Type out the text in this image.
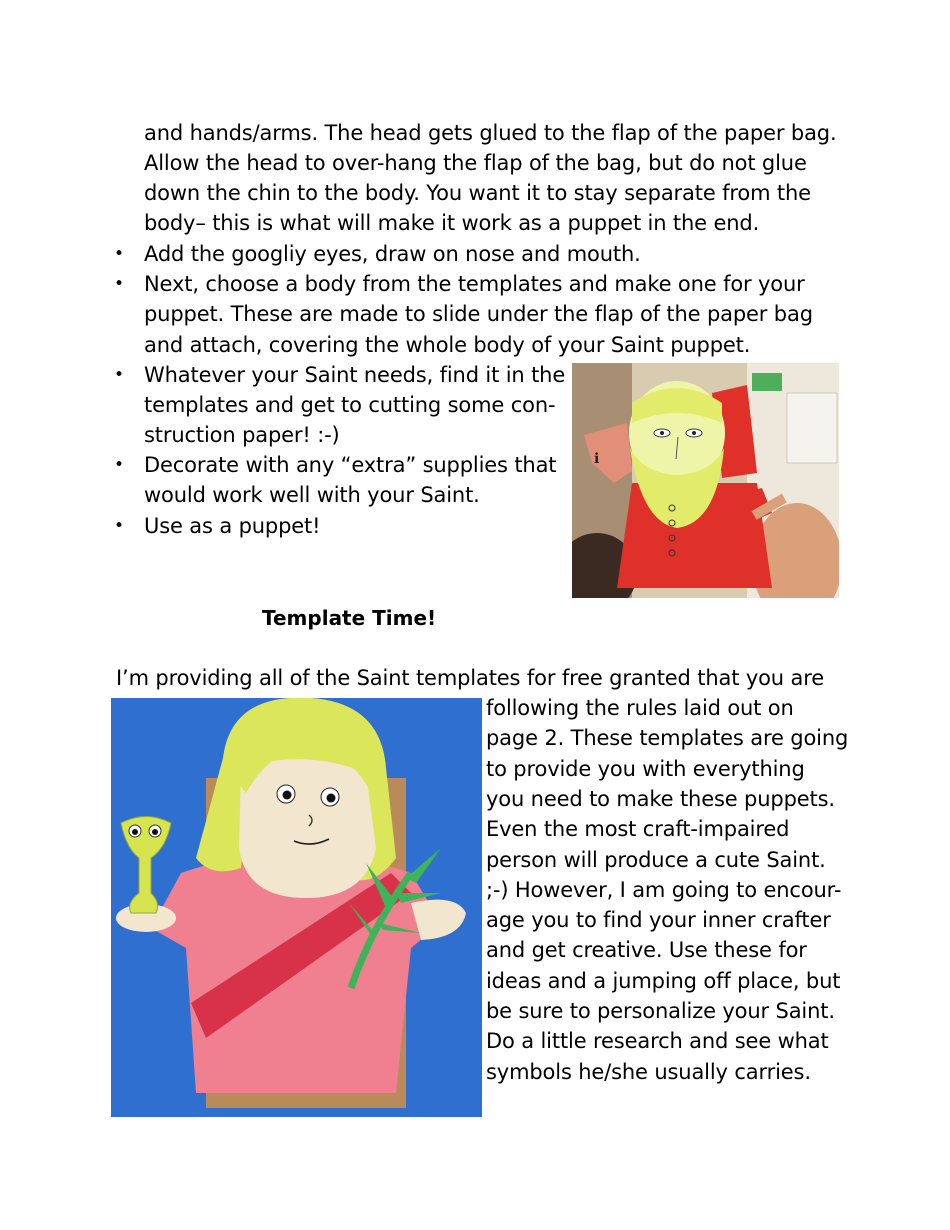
and hands/arms. The head gets glued to the flap of the paper bag.
Allow the head to over-hang the flap of the bag, but do not glue
down the chin to the body. You want it to stay separate from the
body– this is what will make it work as a puppet in the end.
• Add the googliy eyes, draw on nose and mouth.
• Next, choose a body from the templates and make one for your
puppet. These are made to slide under the flap of the paper bag
and attach, covering the whole body of your Saint puppet.
• Whatever your Saint needs, find it in the
templates and get to cutting some con-
struction paper! :-)
• Decorate with any “extra” supplies that
would work well with your Saint.
• Use as a puppet!
ℹ
Template Time!
I’m providing all of the Saint templates for free granted that you are
following the rules laid out on
page 2. These templates are going
to provide you with everything
you need to make these puppets.
Even the most craft-impaired
person will produce a cute Saint.
;-) However, I am going to encour-
age you to find your inner crafter
and get creative. Use these for
ideas and a jumping off place, but
be sure to personalize your Saint.
Do a little research and see what
symbols he/she usually carries.
